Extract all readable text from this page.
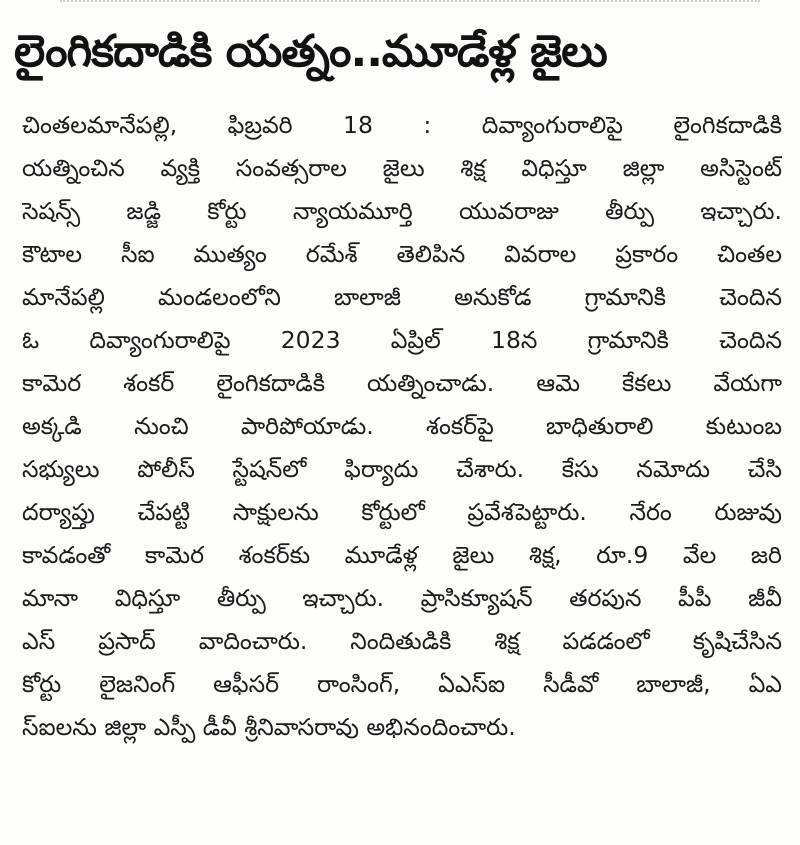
లైంగికదాడికి యత్నం..మూడేళ్ల జైలు
చింతలమానేపల్లి, ఫిబ్రవరి 18 : దివ్యాంగురాలిపై లైంగికదాడికి
యత్నించిన వ్యక్తి సంవత్సరాల జైలు శిక్ష విధిస్తూ జిల్లా అసిస్టెంట్
సెషన్స్ జడ్జి కోర్టు న్యాయమూర్తి యువరాజు తీర్పు ఇచ్చారు.
కౌటాల సీఐ ముత్యం రమేశ్ తెలిపిన వివరాల ప్రకారం చింతల
మానేపల్లి మండలంలోని బాలాజీ అనుకోడ గ్రామానికి చెందిన
ఓ దివ్యాంగురాలిపై 2023 ఏప్రిల్ 18న గ్రామానికి చెందిన
కామెర శంకర్ లైంగికదాడికి యత్నించాడు. ఆమె కేకలు వేయగా
అక్కడి నుంచి పారిపోయాడు. శంకర్‌పై బాధితురాలి కుటుంబ
సభ్యులు పోలీస్ స్టేషన్‌లో ఫిర్యాదు చేశారు. కేసు నమోదు చేసి
దర్యాప్తు చేపట్టి సాక్షులను కోర్టులో ప్రవేశపెట్టారు. నేరం రుజువు
కావడంతో కామెర శంకర్‌కు మూడేళ్ల జైలు శిక్ష, రూ.9 వేల జరి
మానా విధిస్తూ తీర్పు ఇచ్చారు. ప్రాసిక్యూషన్ తరపున పీపీ జీవీ
ఎస్ ప్రసాద్ వాదించారు. నిందితుడికి శిక్ష పడడంలో కృషిచేసిన
కోర్టు లైజనింగ్ ఆఫీసర్ రాంసింగ్, ఏఎస్ఐ సీడీవో బాలాజీ, ఏఎ
స్ఐలను జిల్లా ఎస్పీ డీవీ శ్రీనివాసరావు అభినందించారు.
